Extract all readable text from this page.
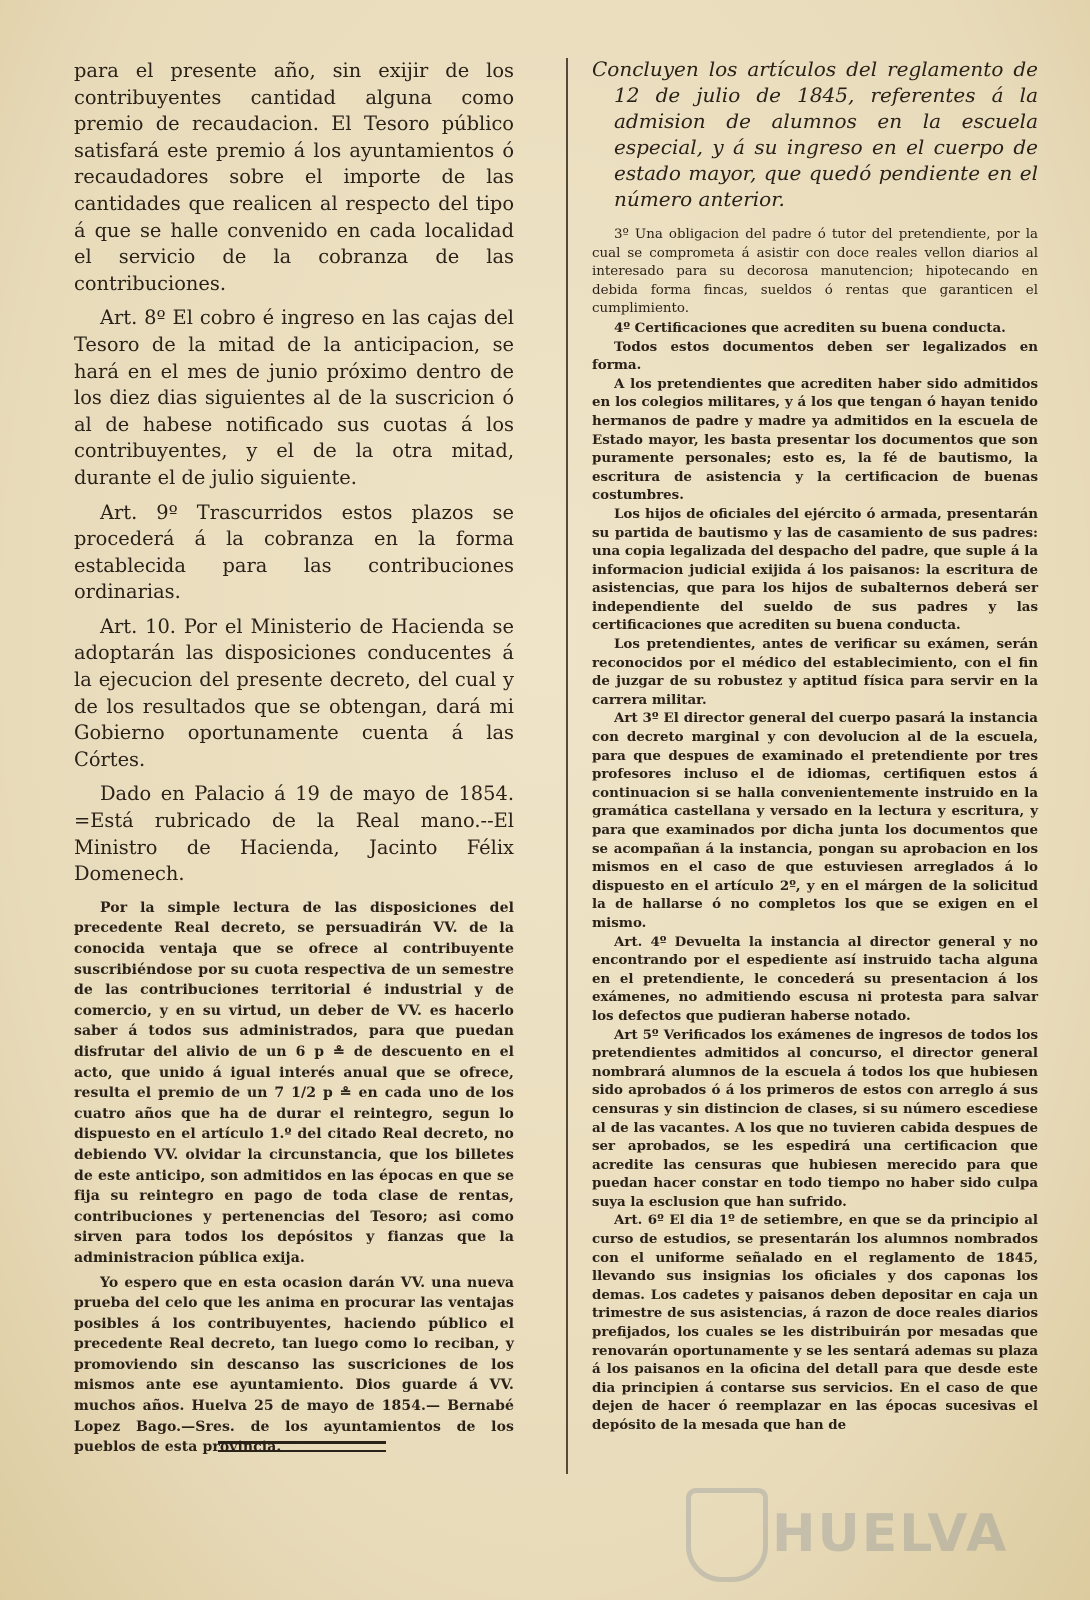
para el presente año, sin exijir de los contribuyentes cantidad alguna como premio de recaudacion. El Tesoro público satisfará este premio á los ayuntamientos ó recaudadores sobre el importe de las cantidades que realicen al respecto del tipo á que se halle convenido en cada localidad el servicio de la cobranza de las contribuciones.

Art. 8º El cobro é ingreso en las cajas del Tesoro de la mitad de la anticipacion, se hará en el mes de junio próximo dentro de los diez dias siguientes al de la suscricion ó al de habese notificado sus cuotas á los contribuyentes, y el de la otra mitad, durante el de julio siguiente.

Art. 9º Trascurridos estos plazos se procederá á la cobranza en la forma establecida para las contribuciones ordinarias.

Art. 10. Por el Ministerio de Hacienda se adoptarán las disposiciones conducentes á la ejecucion del presente decreto, del cual y de los resultados que se obtengan, dará mi Gobierno oportunamente cuenta á las Córtes.

Dado en Palacio á 19 de mayo de 1854. =Está rubricado de la Real mano.--El Ministro de Hacienda, Jacinto Félix Domenech.

Por la simple lectura de las disposiciones del precedente Real decreto, se persuadirán VV. de la conocida ventaja que se ofrece al contribuyente suscribiéndose por su cuota respectiva de un semestre de las contribuciones territorial é industrial y de comercio, y en su virtud, un deber de VV. es hacerlo saber á todos sus administrados, para que puedan disfrutar del alivio de un 6 p ≗ de descuento en el acto, que unido á igual interés anual que se ofrece, resulta el premio de un 7 1/2 p ≗ en cada uno de los cuatro años que ha de durar el reintegro, segun lo dispuesto en el artículo 1.º del citado Real decreto, no debiendo VV. olvidar la circunstancia, que los billetes de este anticipo, son admitidos en las épocas en que se fija su reintegro en pago de toda clase de rentas, contribuciones y pertenencias del Tesoro; asi como sirven para todos los depósitos y fianzas que la administracion pública exija.

Yo espero que en esta ocasion darán VV. una nueva prueba del celo que les anima en procurar las ventajas posibles á los contribuyentes, haciendo público el precedente Real decreto, tan luego como lo reciban, y promoviendo sin descanso las suscriciones de los mismos ante ese ayuntamiento. Dios guarde á VV. muchos años. Huelva 25 de mayo de 1854.— Bernabé Lopez Bago.—Sres. de los ayuntamientos de los pueblos de esta provincia.

Concluyen los artículos del reglamento de 12 de julio de 1845, referentes á la admision de alumnos en la escuela especial, y á su ingreso en el cuerpo de estado mayor, que quedó pendiente en el número anterior.

3º Una obligacion del padre ó tutor del pretendiente, por la cual se comprometa á asistir con doce reales vellon diarios al interesado para su decorosa manutencion; hipotecando en debida forma fincas, sueldos ó rentas que garanticen el cumplimiento.

4º Certificaciones que acrediten su buena conducta.

Todos estos documentos deben ser legalizados en forma.

A los pretendientes que acrediten haber sido admitidos en los colegios militares, y á los que tengan ó hayan tenido hermanos de padre y madre ya admitidos en la escuela de Estado mayor, les basta presentar los documentos que son puramente personales; esto es, la fé de bautismo, la escritura de asistencia y la certificacion de buenas costumbres.

Los hijos de oficiales del ejército ó armada, presentarán su partida de bautismo y las de casamiento de sus padres: una copia legalizada del despacho del padre, que suple á la informacion judicial exijida á los paisanos: la escritura de asistencias, que para los hijos de subalternos deberá ser independiente del sueldo de sus padres y las certificaciones que acrediten su buena conducta.

Los pretendientes, antes de verificar su exámen, serán reconocidos por el médico del establecimiento, con el fin de juzgar de su robustez y aptitud física para servir en la carrera militar.

Art 3º El director general del cuerpo pasará la instancia con decreto marginal y con devolucion al de la escuela, para que despues de examinado el pretendiente por tres profesores incluso el de idiomas, certifiquen estos á continuacion si se halla convenientemente instruido en la gramática castellana y versado en la lectura y escritura, y para que examinados por dicha junta los documentos que se acompañan á la instancia, pongan su aprobacion en los mismos en el caso de que estuviesen arreglados á lo dispuesto en el artículo 2º, y en el márgen de la solicitud la de hallarse ó no completos los que se exigen en el mismo.

Art. 4º Devuelta la instancia al director general y no encontrando por el espediente así instruido tacha alguna en el pretendiente, le concederá su presentacion á los exámenes, no admitiendo escusa ni protesta para salvar los defectos que pudieran haberse notado.

Art 5º Verificados los exámenes de ingresos de todos los pretendientes admitidos al concurso, el director general nombrará alumnos de la escuela á todos los que hubiesen sido aprobados ó á los primeros de estos con arreglo á sus censuras y sin distincion de clases, si su número escediese al de las vacantes. A los que no tuvieren cabida despues de ser aprobados, se les espedirá una certificacion que acredite las censuras que hubiesen merecido para que puedan hacer constar en todo tiempo no haber sido culpa suya la esclusion que han sufrido.

Art. 6º El dia 1º de setiembre, en que se da principio al curso de estudios, se presentarán los alumnos nombrados con el uniforme señalado en el reglamento de 1845, llevando sus insignias los oficiales y dos caponas los demas. Los cadetes y paisanos deben depositar en caja un trimestre de sus asistencias, á razon de doce reales diarios prefijados, los cuales se les distribuirán por mesadas que renovarán oportunamente y se les sentará ademas su plaza á los paisanos en la oficina del detall para que desde este dia principien á contarse sus servicios. En el caso de que dejen de hacer ó reemplazar en las épocas sucesivas el depósito de la mesada que han de

HUELVA
